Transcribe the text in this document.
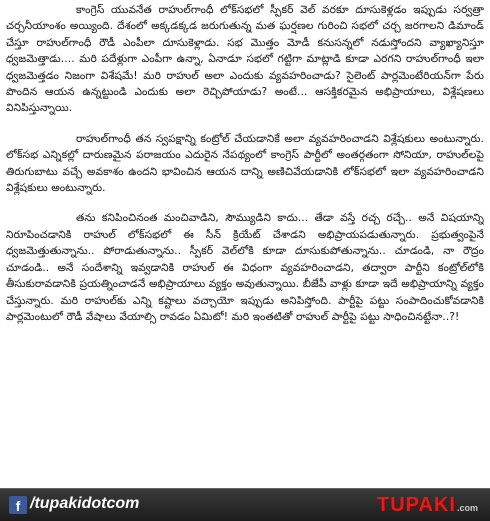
కాంగ్రెస్ యువనేత రాహుల్‌గాంధీ లోక్‌సభలో స్పీకర్ వెల్ వరకూ దూసుకెళ్లడం ఇప్పుడు సర్వత్రా చర్చనీయాంశం అయ్యింది. దేశంలో అక్కడక్కడ జరుగుతున్న మత ఘర్షణల గురించి సభలో చర్చ జరగాలని డిమాండ్ చేస్తూ రాహుల్‌గాంధీ రౌడీ ఎంపీలా దూసుకెళ్లాడు. సభ మొత్తం మోడీ కనుసన్నలో నడుస్తోందని వ్యాఖ్యానిస్తూ ధ్వజమెత్తాడు.... మరి పదేళ్లుగా ఎంపీగా ఉన్నా, ఏనాడూ సభలో గట్టిగా మాట్లాడి కూడా ఎరగని రాహుల్‌గాంధీ ఇలా ధ్వజమెత్తడం నిజంగా విశేషమే! మరి రాహుల్ అలా ఎందుకు వ్యవహరించాడు? సైలెంట్ పార్లమెంటేరియన్‌గా పేరు పొందిన ఆయన ఉన్నట్టుండి ఎందుకు అలా రెచ్చిపోయాడు? అంటే... ఆసక్తికరమైన అభిప్రాయాలు, విశ్లేషణలు వినిపిస్తున్నాయి.

రాహుల్‌గాంధీ తన స్వపక్షాన్ని కంట్రోల్ చేయడానికే అలా వ్యవహరించాడని విశ్లేషకులు అంటున్నారు. లోక్‌సభ ఎన్నికల్లో దారుణమైన పరాజయం ఎదురైన నేపథ్యంలో కాంగ్రెస్ పార్టీలో అంతర్గతంగా సోనియా, రాహుల్‌లపై తిరుగుబాటు వచ్చే అవకాశం ఉందని భావించిన ఆయన దాన్ని అణిచివేయడానికి లోక్‌సభలో ఇలా వ్యవహరించాడని విశ్లేషకులు అంటున్నారు.

తను కనిపించినంత మంచివాడిని, సౌమ్యుడిని కాదు... తేడా వస్తే రచ్చ రచ్చే.. అనే విషయాన్ని నిరూపించడానికి రాహుల్ లోక్‌సభలో ఈ సీన్ క్రియేట్ చేశాడని అభిప్రాయపడుతున్నారు. ప్రభుత్వంపైనే ధ్వజమెత్తుతున్నాను.. పోరాడుతున్నాను.. స్పీకర్ వెల్‌లోకి కూడా దూసుకుపోతున్నాను.. చూడండి, నా రౌద్రం చూడండి.. అనే సందేశాన్ని ఇవ్వడానికి రాహుల్ ఈ విధంగా వ్యవహరించాడని, తద్వారా పార్టీని కంట్రోల్‌లోకి తీసుకురావడానికి ప్రయత్నించాడనే అభిప్రాయాలు వ్యక్తం అవుతున్నాయి. బీజేపీ వాళ్లు కూడా ఇదే అభిప్రాయాన్ని వ్యక్తం చేస్తున్నారు. మరి రాహుల్‌కు ఎన్ని కష్టాలు వచ్చాయో ఇప్పుడు అనిపిస్తోంది. పార్టీపై పట్టు సంపాదించుకోవడానికి పార్లమెంటులో రౌడీ వేషాలు వేయాల్సి రావడం ఏమిటో! మరి ఇంతటితో రాహుల్ పార్టీపై పట్టు సాధించినట్టేనా..?!

f /tupakidotcom	TUPAKI.com
